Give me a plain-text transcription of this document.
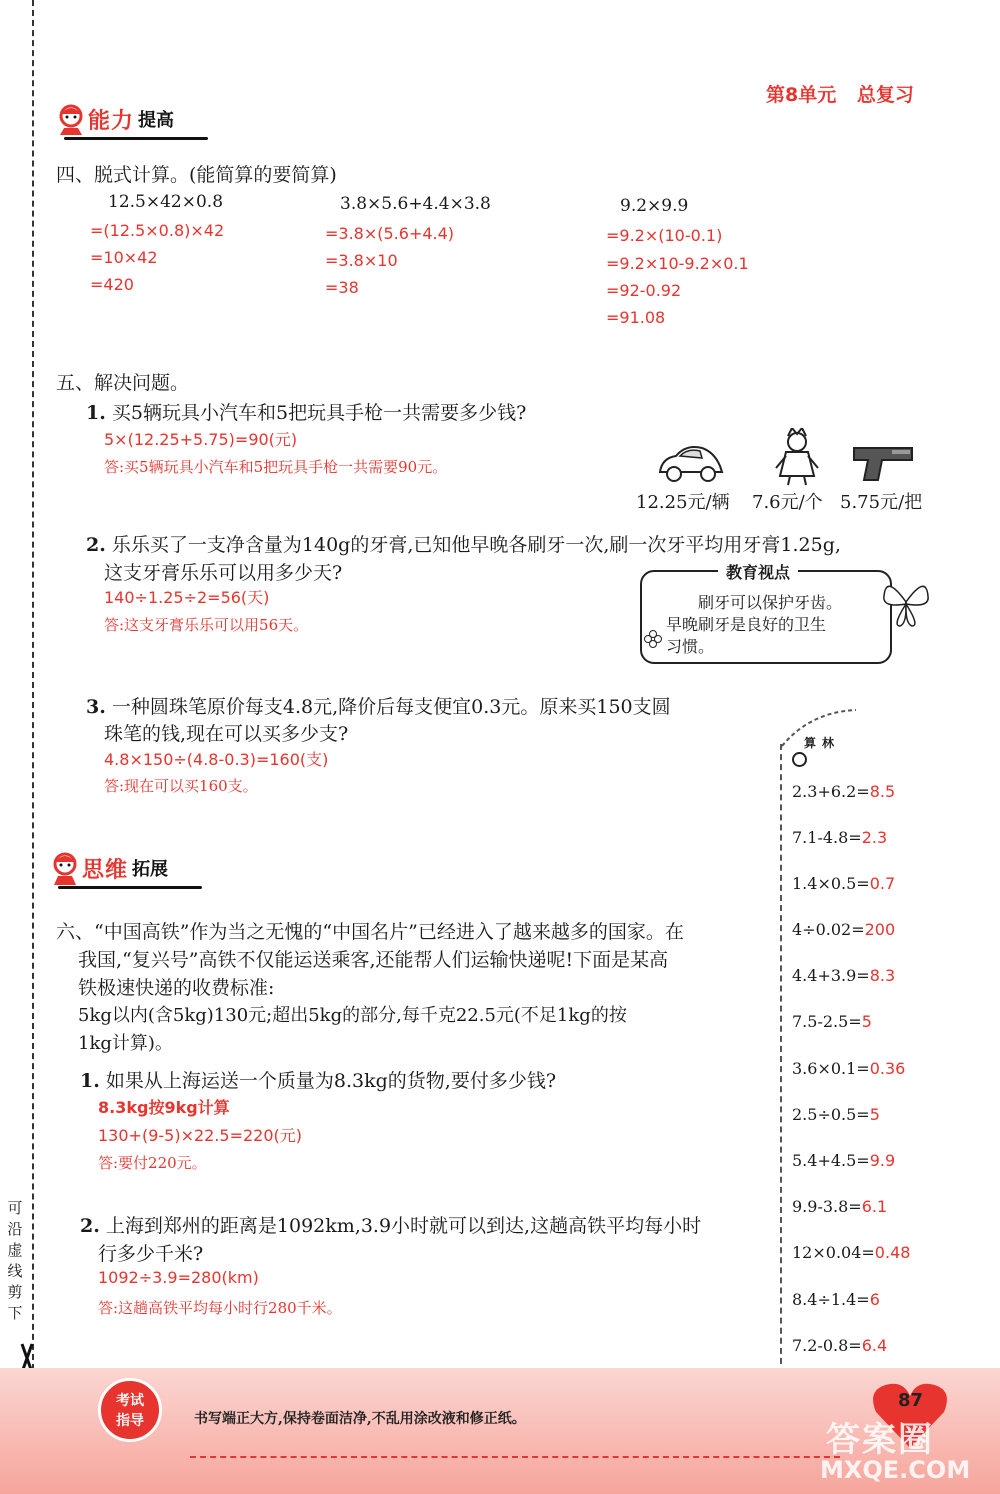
可
沿
虚
线
剪
下
第8单元 总复习
能力 提高
四、脱式计算。(能简算的要简算)
12.5×42×0.8
=(12.5×0.8)×42
=10×42
=420
3.8×5.6+4.4×3.8
=3.8×(5.6+4.4)
=3.8×10
=38
9.2×9.9
=9.2×(10-0.1)
=9.2×10-9.2×0.1
=92-0.92
=91.08
五、解决问题。
1. 买5辆玩具小汽车和5把玩具手枪一共需要多少钱?
5×(12.25+5.75)=90(元)
答:买5辆玩具小汽车和5把玩具手枪一共需要90元。
12.25元/辆 7.6元/个 5.75元/把
2. 乐乐买了一支净含量为140g的牙膏,已知他早晚各刷牙一次,刷一次牙平均用牙膏1.25g,
这支牙膏乐乐可以用多少天?
140÷1.25÷2=56(天)
答:这支牙膏乐乐可以用56天。
教育视点
刷牙可以保护牙齿。
早晚刷牙是良好的卫生
习惯。
3. 一种圆珠笔原价每支4.8元,降价后每支便宜0.3元。原来买150支圆
珠笔的钱,现在可以买多少支?
4.8×150÷(4.8-0.3)=160(支)
答:现在可以买160支。
算林
2.3+6.2=8.5
7.1-4.8=2.3
1.4×0.5=0.7
4÷0.02=200
4.4+3.9=8.3
7.5-2.5=5
3.6×0.1=0.36
2.5÷0.5=5
5.4+4.5=9.9
9.9-3.8=6.1
12×0.04=0.48
8.4÷1.4=6
7.2-0.8=6.4
思维 拓展
六、“中国高铁”作为当之无愧的“中国名片”已经进入了越来越多的国家。在
我国,“复兴号”高铁不仅能运送乘客,还能帮人们运输快递呢!下面是某高
铁极速快递的收费标准:
5kg以内(含5kg)130元;超出5kg的部分,每千克22.5元(不足1kg的按
1kg计算)。
1. 如果从上海运送一个质量为8.3kg的货物,要付多少钱?
8.3kg按9kg计算
130+(9-5)×22.5=220(元)
答:要付220元。
2. 上海到郑州的距离是1092km,3.9小时就可以到达,这趟高铁平均每小时
行多少千米?
1092÷3.9=280(km)
答:这趟高铁平均每小时行280千米。
考试
指导	书写端正大方,保持卷面洁净,不乱用涂改液和修正纸。
87
答案圈
MXQE.COM
